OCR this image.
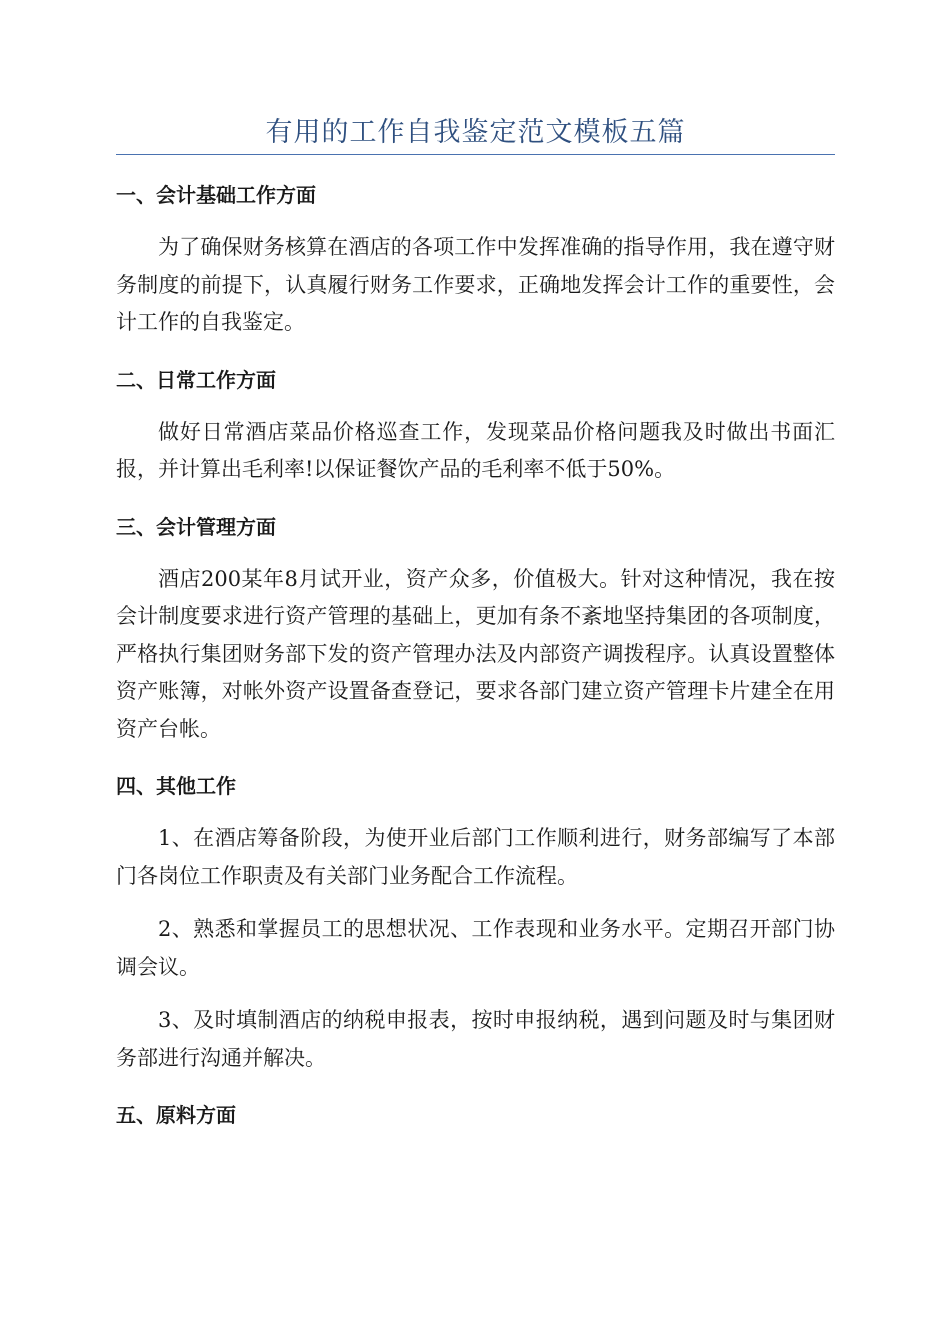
有用的工作自我鉴定范文模板五篇
一、会计基础工作方面

为了确保财务核算在酒店的各项工作中发挥准确的指导作用，我在遵守财务制度的前提下，认真履行财务工作要求，正确地发挥会计工作的重要性，会计工作的自我鉴定。

二、日常工作方面

做好日常酒店菜品价格巡查工作，发现菜品价格问题我及时做出书面汇报，并计算出毛利率!以保证餐饮产品的毛利率不低于50%。

三、会计管理方面

酒店200某年8月试开业，资产众多，价值极大。针对这种情况，我在按会计制度要求进行资产管理的基础上，更加有条不紊地坚持集团的各项制度，严格执行集团财务部下发的资产管理办法及内部资产调拨程序。认真设置整体资产账簿，对帐外资产设置备查登记，要求各部门建立资产管理卡片建全在用资产台帐。

四、其他工作

1、在酒店筹备阶段，为使开业后部门工作顺利进行，财务部编写了本部门各岗位工作职责及有关部门业务配合工作流程。

2、熟悉和掌握员工的思想状况、工作表现和业务水平。定期召开部门协调会议。

3、及时填制酒店的纳税申报表，按时申报纳税，遇到问题及时与集团财务部进行沟通并解决。

五、原料方面
